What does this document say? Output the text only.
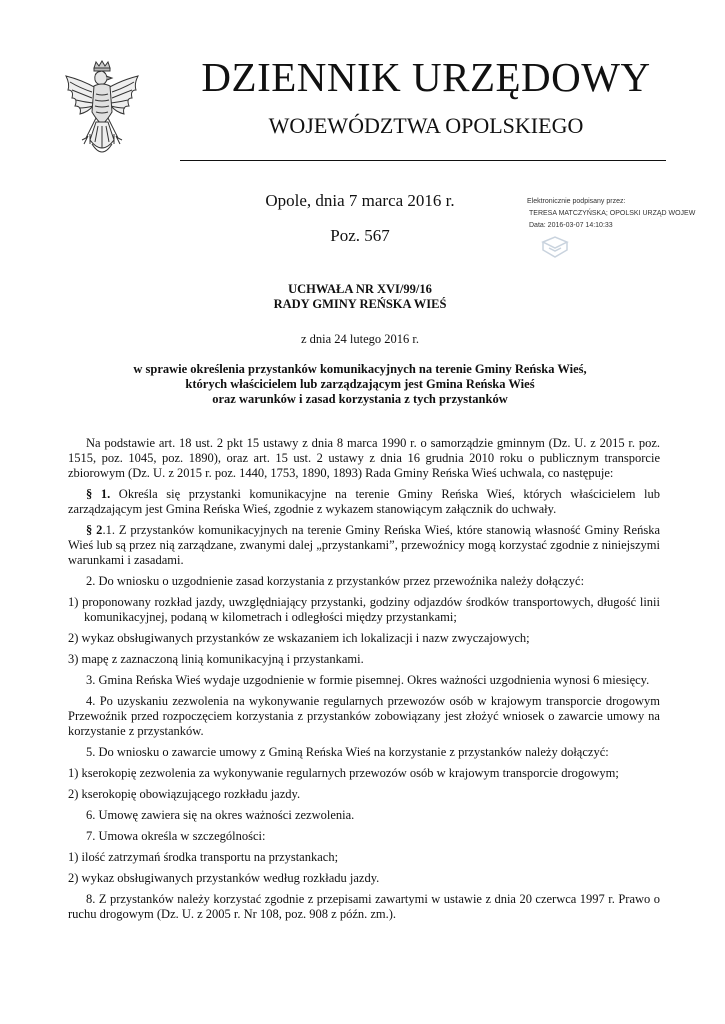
DZIENNIK URZĘDOWY
WOJEWÓDZTWA OPOLSKIEGO
Opole, dnia 7 marca 2016 r.
Poz. 567
Elektronicznie podpisany przez:
TERESA MATCZYŃSKA; OPOLSKI URZĄD WOJEW
Data: 2016-03-07 14:10:33
UCHWAŁA NR XVI/99/16
RADY GMINY REŃSKA WIEŚ
z dnia 24 lutego 2016 r.
w sprawie określenia przystanków komunikacyjnych na terenie Gminy Reńska Wieś,
których właścicielem lub zarządzającym jest Gmina Reńska Wieś
oraz warunków i zasad korzystania z tych przystanków

Na podstawie art. 18 ust. 2 pkt 15 ustawy z dnia 8 marca 1990 r. o samorządzie gminnym (Dz. U. z 2015 r. poz. 1515, poz. 1045, poz. 1890), oraz art. 15 ust. 2 ustawy z dnia 16 grudnia 2010 roku o publicznym transporcie zbiorowym (Dz. U. z 2015 r. poz. 1440, 1753, 1890, 1893) Rada Gminy Reńska Wieś uchwala, co następuje:

§ 1. Określa się przystanki komunikacyjne na terenie Gminy Reńska Wieś, których właścicielem lub zarządzającym jest Gmina Reńska Wieś, zgodnie z wykazem stanowiącym załącznik do uchwały.

§ 2.1. Z przystanków komunikacyjnych na terenie Gminy Reńska Wieś, które stanowią własność Gminy Reńska Wieś lub są przez nią zarządzane, zwanymi dalej „przystankami”, przewoźnicy mogą korzystać zgodnie z niniejszymi warunkami i zasadami.

2. Do wniosku o uzgodnienie zasad korzystania z przystanków przez przewoźnika należy dołączyć:

1) proponowany rozkład jazdy, uwzględniający przystanki, godziny odjazdów środków transportowych, długość linii komunikacyjnej, podaną w kilometrach i odległości między przystankami;

2) wykaz obsługiwanych przystanków ze wskazaniem ich lokalizacji i nazw zwyczajowych;

3) mapę z zaznaczoną linią komunikacyjną i przystankami.

3. Gmina Reńska Wieś wydaje uzgodnienie w formie pisemnej. Okres ważności uzgodnienia wynosi 6 miesięcy.

4. Po uzyskaniu zezwolenia na wykonywanie regularnych przewozów osób w krajowym transporcie drogowym Przewoźnik przed rozpoczęciem korzystania z przystanków zobowiązany jest złożyć wniosek o zawarcie umowy na korzystanie z przystanków.

5. Do wniosku o zawarcie umowy z Gminą Reńska Wieś na korzystanie z przystanków należy dołączyć:

1) kserokopię zezwolenia za wykonywanie regularnych przewozów osób w krajowym transporcie drogowym;

2) kserokopię obowiązującego rozkładu jazdy.

6. Umowę zawiera się na okres ważności zezwolenia.

7. Umowa określa w szczególności:

1) ilość zatrzymań środka transportu na przystankach;

2) wykaz obsługiwanych przystanków według rozkładu jazdy.

8. Z przystanków należy korzystać zgodnie z przepisami zawartymi w ustawie z dnia 20 czerwca 1997 r. Prawo o ruchu drogowym (Dz. U. z 2005 r. Nr 108, poz. 908 z późn. zm.).
